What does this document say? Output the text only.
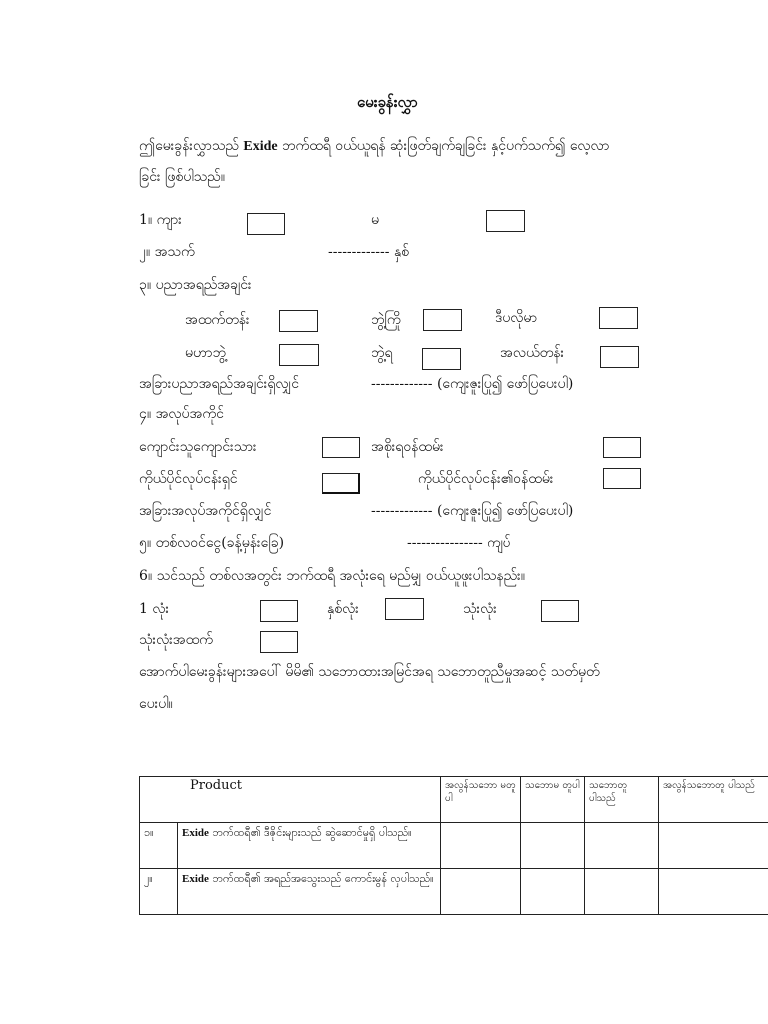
မေးခွန်းလွှာ
ဤမေးခွန်းလွှာသည် Exide ဘက်ထရီ ဝယ်ယူရန် ဆုံးဖြတ်ချက်ချခြင်း နှင့်ပက်သက်၍ လေ့လာ
ခြင်း ဖြစ်ပါသည်။
1။ ကျား	မ
၂။ အသက်	------------- နှစ်
၃။ ပညာအရည်အချင်း
အထက်တန်း	ဘွဲ့ကြို	ဒီပလိုမာ
မဟာဘွဲ့	ဘွဲ့ရ	အလယ်တန်း
အခြားပညာအရည်အချင်းရှိလျှင်	------------- (ကျေးဇူးပြု၍ ဖော်ပြပေးပါ)
၄။ အလုပ်အကိုင်
ကျောင်းသူကျောင်းသား	အစိုးရဝန်ထမ်း
ကိုယ်ပိုင်လုပ်ငန်းရှင်	ကိုယ်ပိုင်လုပ်ငန်း၏ဝန်ထမ်း
အခြားအလုပ်အကိုင်ရှိလျှင်	------------- (ကျေးဇူးပြု၍ ဖော်ပြပေးပါ)
၅။ တစ်လဝင်ငွေ(ခန့်မှန်းခြေ)	---------------- ကျပ်
6။ သင်သည် တစ်လအတွင်း ဘက်ထရီ အလုံးရေ မည်မျှ ဝယ်ယူဖူးပါသနည်း။
1 လုံး	နှစ်လုံး	သုံးလုံး
သုံးလုံးအထက်
အောက်ပါမေးခွန်းများအပေါ် မိမိ၏ သဘောထားအမြင်အရ သဘောတူညီမှုအဆင့် သတ်မှတ်
ပေးပါ။
Product		အလွန်သဘော မတူပါ	သဘောမ တူပါ	သဘောတူ ပါသည်	အလွန်သဘောတူ ပါသည်
၁။	Exide ဘက်ထရီ၏ ဒီဇိုင်းများသည် ဆွဲဆောင်မှုရှိ ပါသည်။				
၂။	Exide ဘက်ထရီ၏ အရည်အသွေးသည် ကောင်းမွန် လှပါသည်။				
